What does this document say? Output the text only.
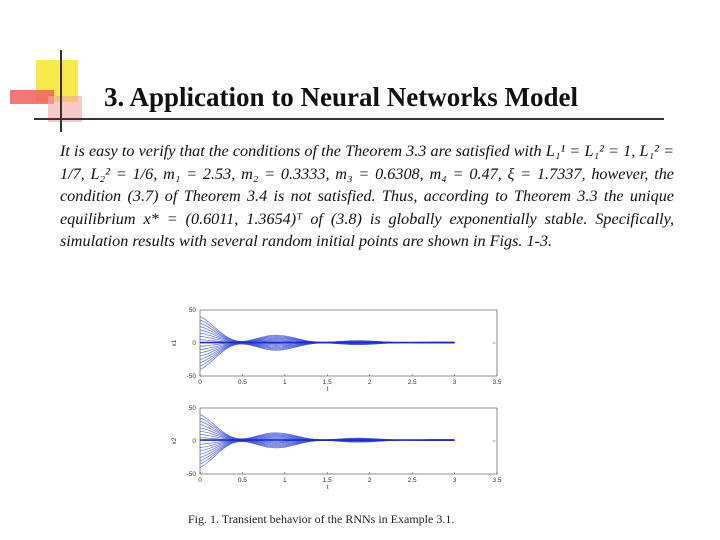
3. Application to Neural Networks Model

It is easy to verify that the conditions of the Theorem 3.3 are satisfied with L₁¹ = L₁² = 1, L₁² = 1/7, L₂² = 1/6, m₁ = 2.53, m₂ = 0.3333, m₃ = 0.6308, m₄ = 0.47, ξ = 1.7337, however, the condition (3.7) of Theorem 3.4 is not satisfied. Thus, according to Theorem 3.3 the unique equilibrium x* = (0.6011, 1.3654)ᵀ of (3.8) is globally exponentially stable. Specifically, simulation results with several random initial points are shown in Figs. 1-3.

50
0
-50
0	0.5	1	1.5	2	2.5	3	3.5
x1
t
50
0
-50
0	0.5	1	1.5	2	2.5	3	3.5
x2
t
Fig. 1. Transient behavior of the RNNs in Example 3.1.
